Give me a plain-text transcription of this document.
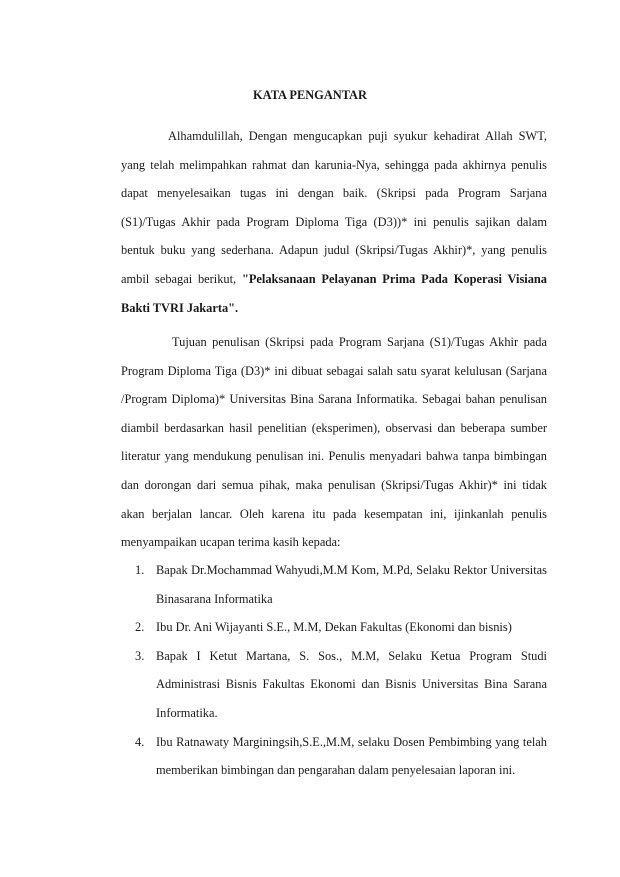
KATA PENGANTAR

Alhamdulillah, Dengan mengucapkan puji syukur kehadirat Allah SWT, yang telah melimpahkan rahmat dan karunia-Nya, sehingga pada akhirnya penulis dapat menyelesaikan tugas ini dengan baik. (Skripsi pada Program Sarjana (S1)/Tugas Akhir pada Program Diploma Tiga (D3))* ini penulis sajikan dalam bentuk buku yang sederhana. Adapun judul (Skripsi/Tugas Akhir)*, yang penulis ambil sebagai berikut, "Pelaksanaan Pelayanan Prima Pada Koperasi Visiana Bakti TVRI Jakarta".

Tujuan penulisan (Skripsi pada Program Sarjana (S1)/Tugas Akhir pada Program Diploma Tiga (D3)* ini dibuat sebagai salah satu syarat kelulusan (Sarjana /Program Diploma)* Universitas Bina Sarana Informatika. Sebagai bahan penulisan diambil berdasarkan hasil penelitian (eksperimen), observasi dan beberapa sumber literatur yang mendukung penulisan ini. Penulis menyadari bahwa tanpa bimbingan dan dorongan dari semua pihak, maka penulisan (Skripsi/Tugas Akhir)* ini tidak akan berjalan lancar. Oleh karena itu pada kesempatan ini, ijinkanlah penulis menyampaikan ucapan terima kasih kepada:

1. Bapak Dr.Mochammad Wahyudi,M.M Kom, M.Pd, Selaku Rektor Universitas Binasarana Informatika
2. Ibu Dr. Ani Wijayanti S.E., M.M, Dekan Fakultas (Ekonomi dan bisnis)
3. Bapak I Ketut Martana, S. Sos., M.M, Selaku Ketua Program Studi Administrasi Bisnis Fakultas Ekonomi dan Bisnis Universitas Bina Sarana Informatika.
4. Ibu Ratnawaty Marginingsih,S.E.,M.M, selaku Dosen Pembimbing yang telah memberikan bimbingan dan pengarahan dalam penyelesaian laporan ini.
